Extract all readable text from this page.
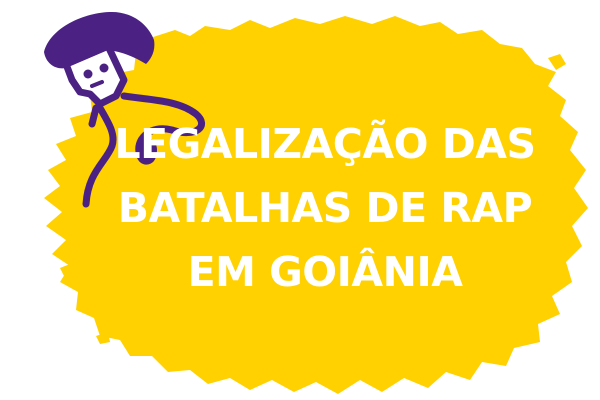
LEGALIZAÇÃO DAS
BATALHAS DE RAP
EM GOIÂNIA
